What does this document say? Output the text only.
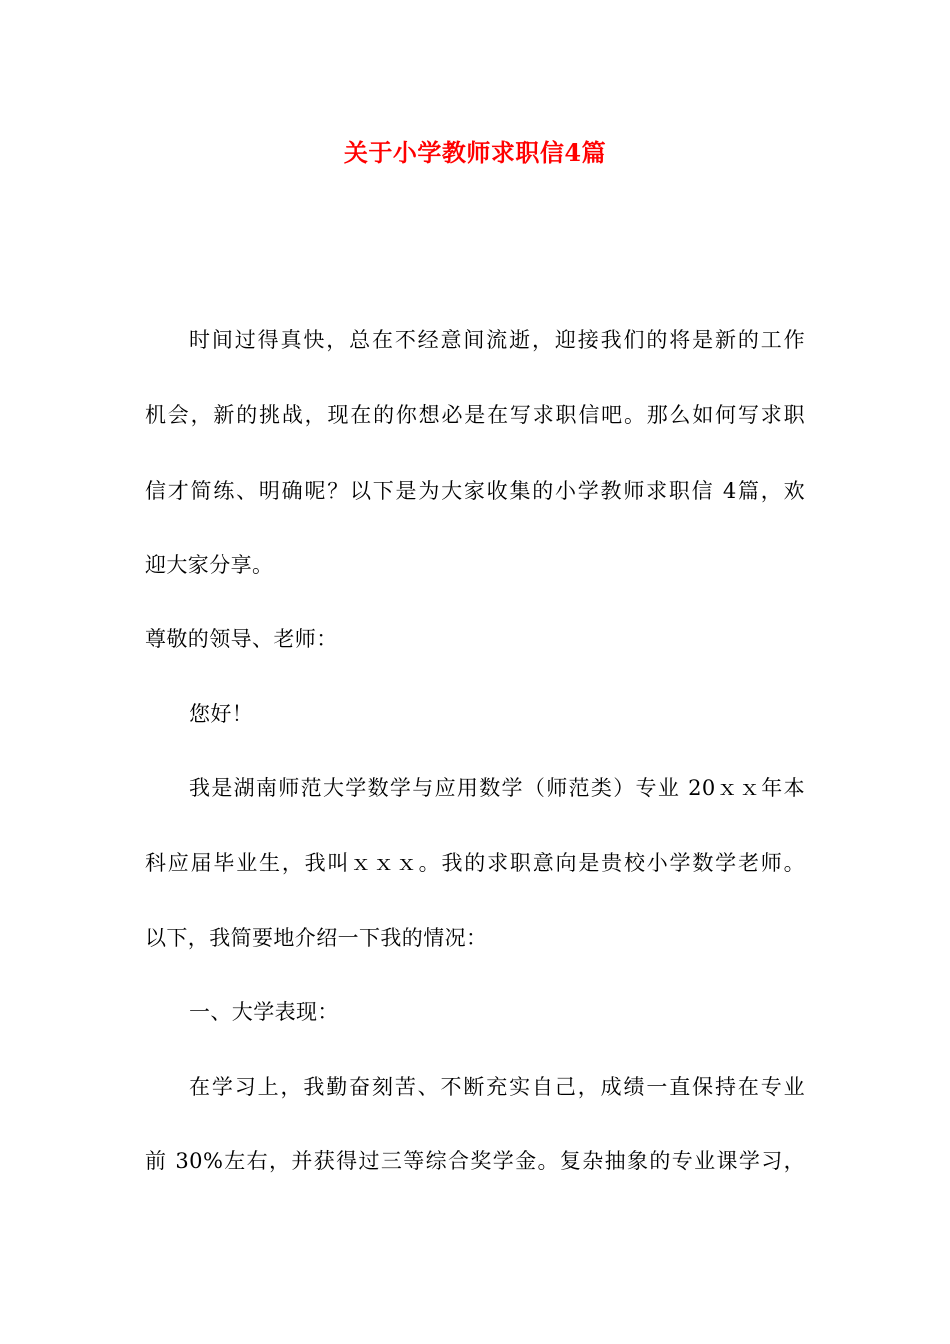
关于小学教师求职信4篇
时间过得真快，总在不经意间流逝，迎接我们的将是新的工作
机会，新的挑战，现在的你想必是在写求职信吧。那么如何写求职
信才简练、明确呢？以下是为大家收集的小学教师求职信 4篇，欢
迎大家分享。
尊敬的领导、老师：
您好！
我是湖南师范大学数学与应用数学（师范类）专业 20ｘｘ年本
科应届毕业生，我叫ｘｘｘ。我的求职意向是贵校小学数学老师。
以下，我简要地介绍一下我的情况：
一、大学表现：
在学习上，我勤奋刻苦、不断充实自己，成绩一直保持在专业
前 30%左右，并获得过三等综合奖学金。复杂抽象的专业课学习，
